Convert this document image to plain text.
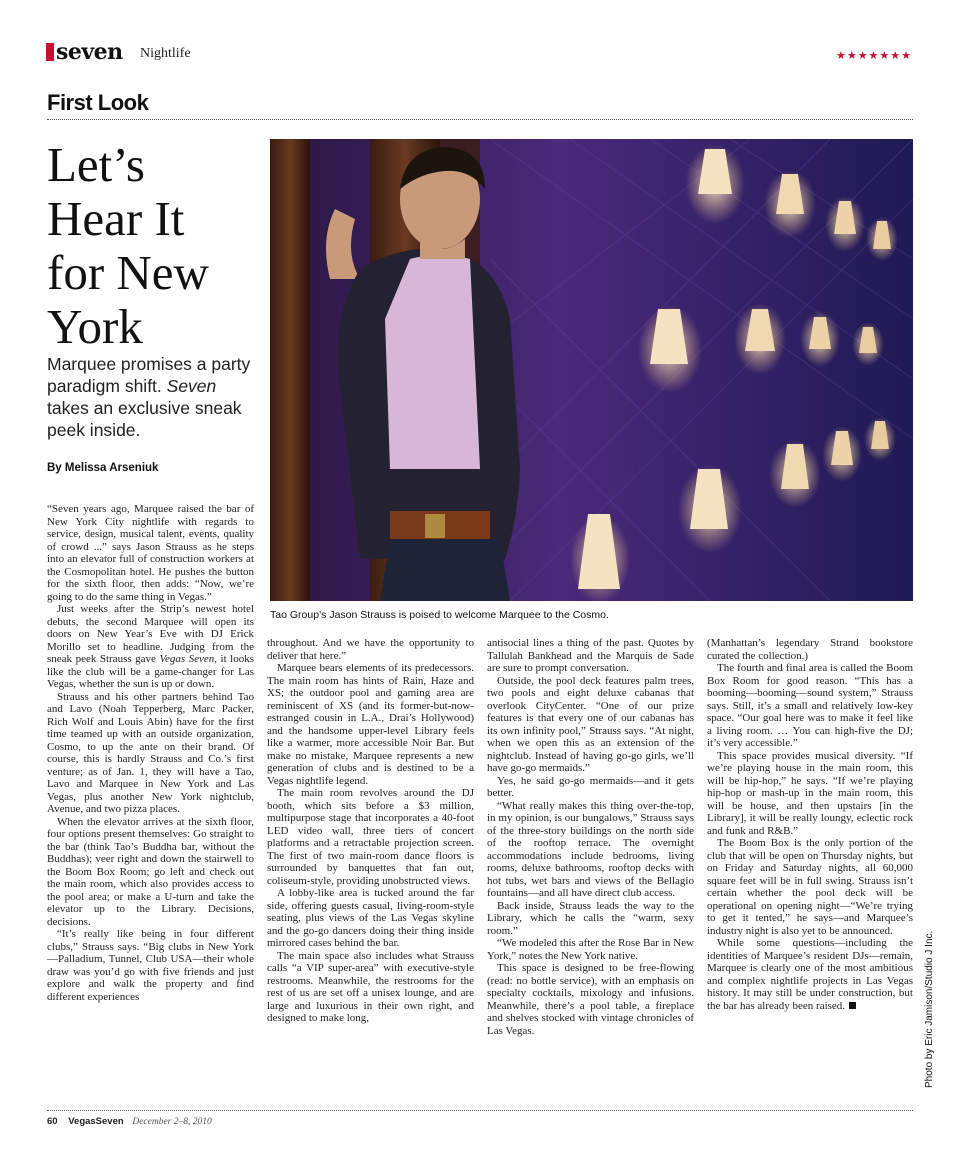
seven Nightlife	★★★★★★★
First Look
Let’s
Hear It
for New
York
Marquee promises a party paradigm shift. Seven takes an exclusive sneak peek inside.
By Melissa Arseniuk
Tao Group’s Jason Strauss is poised to welcome Marquee to the Cosmo.

“Seven years ago, Marquee raised the bar of New York City nightlife with regards to service, design, musical talent, events, quality of crowd ...” says Jason Strauss as he steps into an elevator full of construction workers at the Cosmopolitan hotel. He pushes the button for the sixth floor, then adds: “Now, we’re going to do the same thing in Vegas.”

Just weeks after the Strip’s newest hotel debuts, the second Marquee will open its doors on New Year’s Eve with DJ Erick Morillo set to headline. Judging from the sneak peek Strauss gave Vegas Seven, it looks like the club will be a game-changer for Las Vegas, whether the sun is up or down.

Strauss and his other partners behind Tao and Lavo (Noah Tepperberg, Marc Packer, Rich Wolf and Louis Abin) have for the first time teamed up with an outside organization, Cosmo, to up the ante on their brand. Of course, this is hardly Strauss and Co.’s first venture; as of Jan. 1, they will have a Tao, Lavo and Marquee in New York and Las Vegas, plus another New York nightclub, Avenue, and two pizza places.

When the elevator arrives at the sixth floor, four options present themselves: Go straight to the bar (think Tao’s Buddha bar, without the Buddhas); veer right and down the stairwell to the Boom Box Room; go left and check out the main room, which also provides access to the pool area; or make a U-turn and take the elevator up to the Library. Decisions, decisions.

“It’s really like being in four different clubs,” Strauss says. “Big clubs in New York—Palladium, Tunnel, Club USA—their whole draw was you’d go with five friends and just explore and walk the property and find different experiences

throughout. And we have the opportunity to deliver that here.”

Marquee bears elements of its predecessors. The main room has hints of Rain, Haze and XS; the outdoor pool and gaming area are reminiscent of XS (and its former-but-now-estranged cousin in L.A., Drai’s Hollywood) and the handsome upper-level Library feels like a warmer, more accessible Noir Bar. But make no mistake, Marquee represents a new generation of clubs and is destined to be a Vegas nightlife legend.

The main room revolves around the DJ booth, which sits before a $3 million, multipurpose stage that incorporates a 40-foot LED video wall, three tiers of concert platforms and a retractable projection screen. The first of two main-room dance floors is surrounded by banquettes that fan out, coliseum-style, providing unobstructed views.

A lobby-like area is tucked around the far side, offering guests casual, living-room-style seating, plus views of the Las Vegas skyline and the go-go dancers doing their thing inside mirrored cases behind the bar.

The main space also includes what Strauss calls “a VIP super-area” with executive-style restrooms. Meanwhile, the restrooms for the rest of us are set off a unisex lounge, and are large and luxurious in their own right, and designed to make long,

antisocial lines a thing of the past. Quotes by Tallulah Bankhead and the Marquis de Sade are sure to prompt conversation.

Outside, the pool deck features palm trees, two pools and eight deluxe cabanas that overlook CityCenter. “One of our prize features is that every one of our cabanas has its own infinity pool,” Strauss says. “At night, when we open this as an extension of the nightclub. Instead of having go-go girls, we’ll have go-go mermaids.”

Yes, he said go-go mermaids—and it gets better.

“What really makes this thing over-the-top, in my opinion, is our bungalows,” Strauss says of the three-story buildings on the north side of the rooftop terrace. The overnight accommodations include bedrooms, living rooms, deluxe bathrooms, rooftop decks with hot tubs, wet bars and views of the Bellagio fountains—and all have direct club access.

Back inside, Strauss leads the way to the Library, which he calls the “warm, sexy room.”

“We modeled this after the Rose Bar in New York,” notes the New York native.

This space is designed to be free-flowing (read: no bottle service), with an emphasis on specialty cocktails, mixology and infusions. Meanwhile, there’s a pool table, a fireplace and shelves stocked with vintage chronicles of Las Vegas.

(Manhattan’s legendary Strand bookstore curated the collection.)

The fourth and final area is called the Boom Box Room for good reason. “This has a booming—booming—sound system,” Strauss says. Still, it’s a small and relatively low-key space. “Our goal here was to make it feel like a living room. … You can high-five the DJ; it’s very accessible.”

This space provides musical diversity. “If we’re playing house in the main room, this will be hip-hop,” he says. “If we’re playing hip-hop or mash-up in the main room, this will be house, and then upstairs [in the Library], it will be really loungy, eclectic rock and funk and R&B.”

The Boom Box is the only portion of the club that will be open on Thursday nights, but on Friday and Saturday nights, all 60,000 square feet will be in full swing. Strauss isn’t certain whether the pool deck will be operational on opening night—“We’re trying to get it tented,” he says—and Marquee’s industry night is also yet to be announced.

While some questions—including the identities of Marquee’s resident DJs—remain, Marquee is clearly one of the most ambitious and complex nightlife projects in Las Vegas history. It may still be under construction, but the bar has already been raised.	Photo by Eric Jamison/Studio J Inc.
60 VegasSeven December 2–8, 2010
